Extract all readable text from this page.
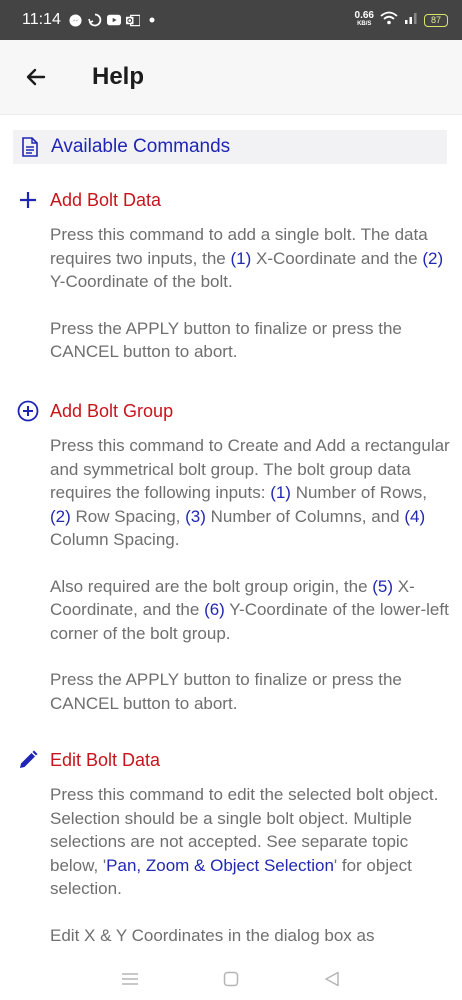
11:14	0.66
KB/S	87
Help
Available Commands
Add Bolt Data
Press this command to add a single bolt. The data requires two inputs, the (1) X-Coordinate and the (2) Y-Coordinate of the bolt.
Press the APPLY button to finalize or press the CANCEL button to abort.
Add Bolt Group
Press this command to Create and Add a rectangular and symmetrical bolt group. The bolt group data requires the following inputs: (1) Number of Rows, (2) Row Spacing, (3) Number of Columns, and (4) Column Spacing.
Also required are the bolt group origin, the (5) X-Coordinate, and the (6) Y-Coordinate of the lower-left corner of the bolt group.
Press the APPLY button to finalize or press the CANCEL button to abort.
Edit Bolt Data
Press this command to edit the selected bolt object. Selection should be a single bolt object. Multiple selections are not accepted. See separate topic below, 'Pan, Zoom & Object Selection' for object selection.
Edit X & Y Coordinates in the dialog box as
